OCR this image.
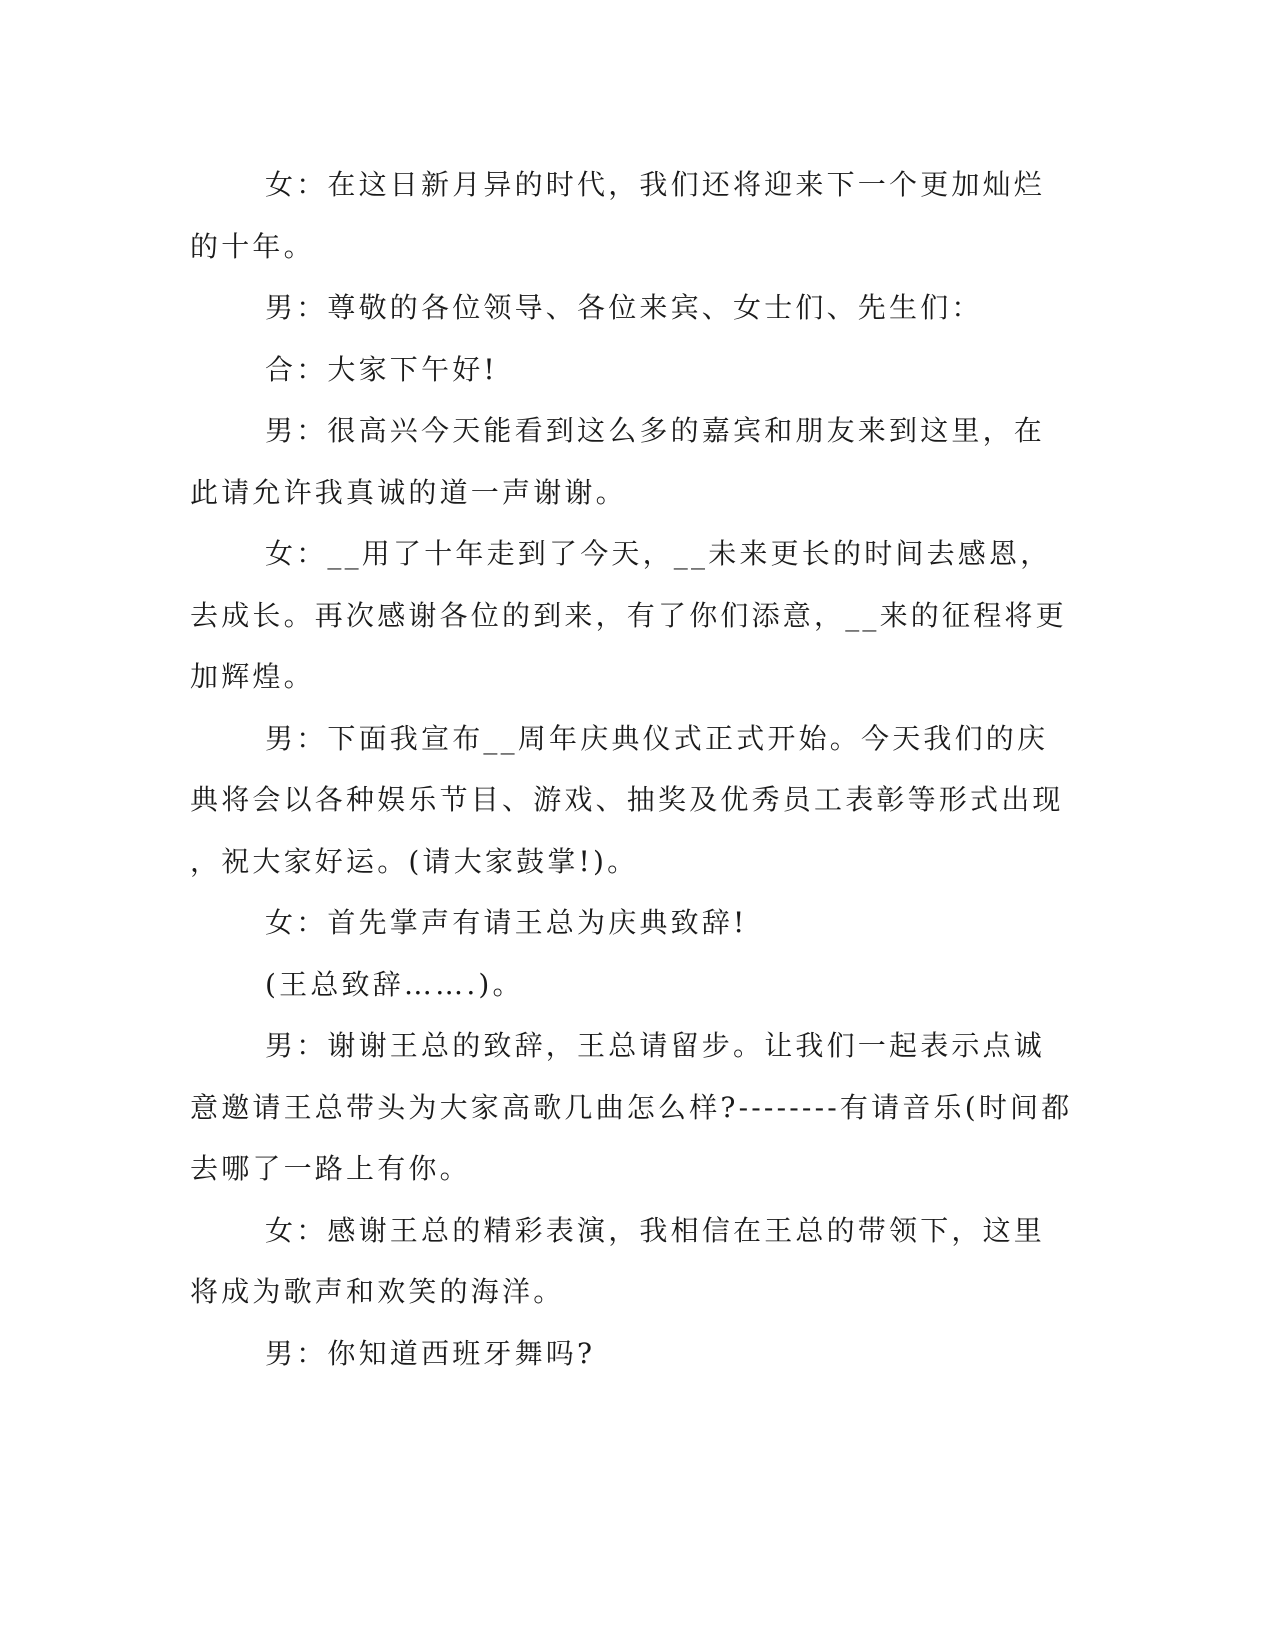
女：在这日新月异的时代，我们还将迎来下一个更加灿烂的十年。

男：尊敬的各位领导、各位来宾、女士们、先生们：

合：大家下午好!

男：很高兴今天能看到这么多的嘉宾和朋友来到这里，在此请允许我真诚的道一声谢谢。

女：__用了十年走到了今天，__未来更长的时间去感恩，去成长。再次感谢各位的到来，有了你们添意，__来的征程将更加辉煌。

男：下面我宣布__周年庆典仪式正式开始。今天我们的庆典将会以各种娱乐节目、游戏、抽奖及优秀员工表彰等形式出现，祝大家好运。(请大家鼓掌!)。

女：首先掌声有请王总为庆典致辞!

(王总致辞…….)。

男：谢谢王总的致辞，王总请留步。让我们一起表示点诚意邀请王总带头为大家高歌几曲怎么样?--------有请音乐(时间都去哪了一路上有你。

女：感谢王总的精彩表演，我相信在王总的带领下，这里将成为歌声和欢笑的海洋。

男：你知道西班牙舞吗?
